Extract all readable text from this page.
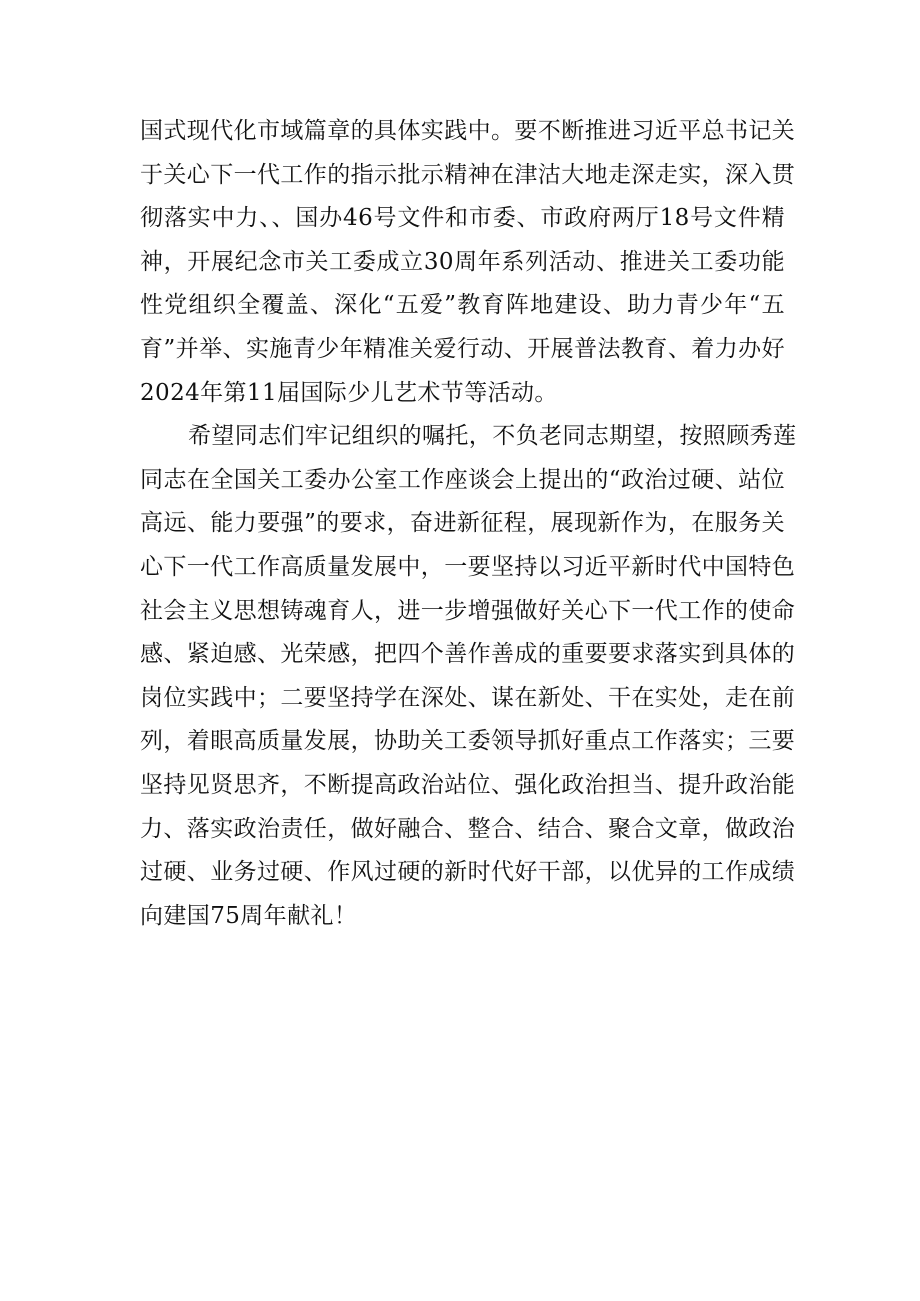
国式现代化市域篇章的具体实践中。要不断推进习近平总书记关
于关心下一代工作的指示批示精神在津沽大地走深走实，深入贯
彻落实中力、、国办46号文件和市委、市政府两厅18号文件精
神，开展纪念市关工委成立30周年系列活动、推进关工委功能
性党组织全覆盖、深化“五爱”教育阵地建设、助力青少年“五
育”并举、实施青少年精准关爱行动、开展普法教育、着力办好
2024年第11届国际少儿艺术节等活动。
希望同志们牢记组织的嘱托，不负老同志期望，按照顾秀莲
同志在全国关工委办公室工作座谈会上提出的“政治过硬、站位
高远、能力要强”的要求，奋进新征程，展现新作为，在服务关
心下一代工作高质量发展中，一要坚持以习近平新时代中国特色
社会主义思想铸魂育人，进一步增强做好关心下一代工作的使命
感、紧迫感、光荣感，把四个善作善成的重要要求落实到具体的
岗位实践中；二要坚持学在深处、谋在新处、干在实处，走在前
列，着眼高质量发展，协助关工委领导抓好重点工作落实；三要
坚持见贤思齐，不断提高政治站位、强化政治担当、提升政治能
力、落实政治责任，做好融合、整合、结合、聚合文章，做政治
过硬、业务过硬、作风过硬的新时代好干部，以优异的工作成绩
向建国75周年献礼！
